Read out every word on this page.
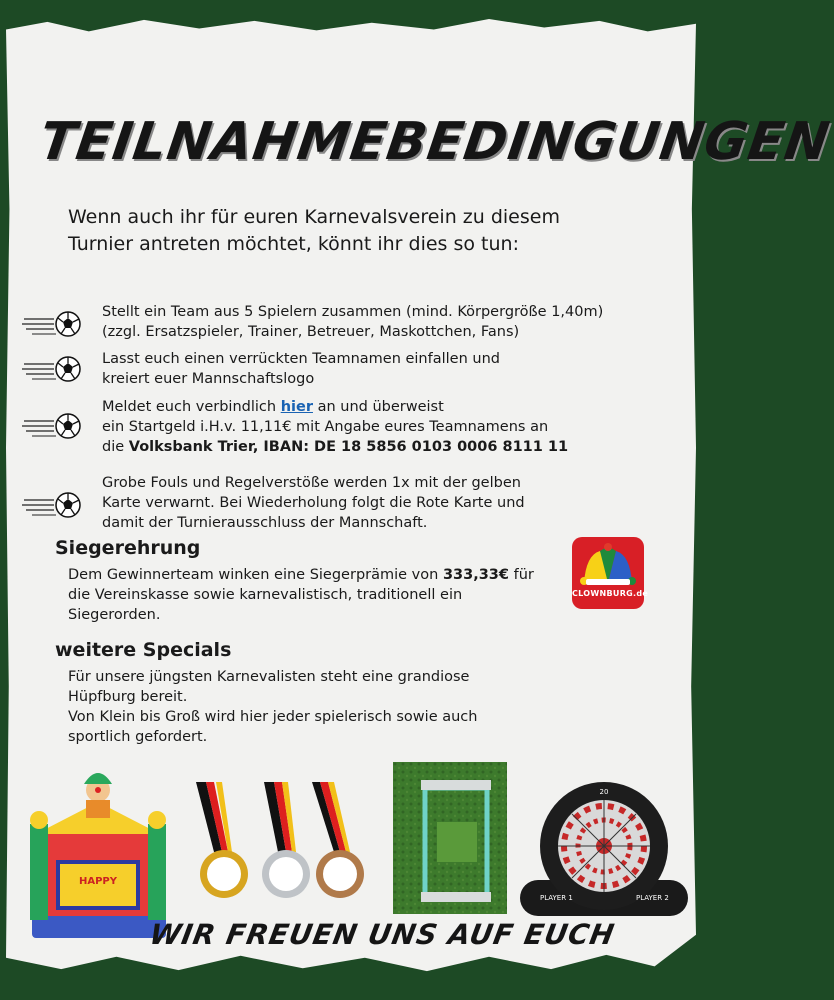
TEILNAHMEBEDINGUNGEN
Wenn auch ihr für euren Karnevalsverein zu diesem Turnier antreten möchtet, könnt ihr dies so tun:
Stellt ein Team aus 5 Spielern zusammen (mind. Körpergröße 1,40m)
(zzgl. Ersatzspieler, Trainer, Betreuer, Maskottchen, Fans)
Lasst euch einen verrückten Teamnamen einfallen und
kreiert euer Mannschaftslogo
Meldet euch verbindlich hier an und überweist
ein Startgeld i.H.v. 11,11€ mit Angabe eures Teamnamens an
die Volksbank Trier, IBAN: DE 18 5856 0103 0006 8111 11
Grobe Fouls und Regelverstöße werden 1x mit der gelben
Karte verwarnt. Bei Wiederholung folgt die Rote Karte und
damit der Turnierausschluss der Mannschaft.
Siegerehrung
Dem Gewinnerteam winken eine Siegerprämie von 333,33€ für
die Vereinskasse sowie karnevalistisch, traditionell ein
Siegerorden.
CLOWNBURG.de
weitere Specials
Für unsere jüngsten Karnevalisten steht eine grandiose
Hüpfburg bereit.
Von Klein bis Groß wird hier jeder spielerisch sowie auch
sportlich gefordert.
HAPPY
20
PLAYER 1	PLAYER 2
WIR FREUEN UNS AUF EUCH
